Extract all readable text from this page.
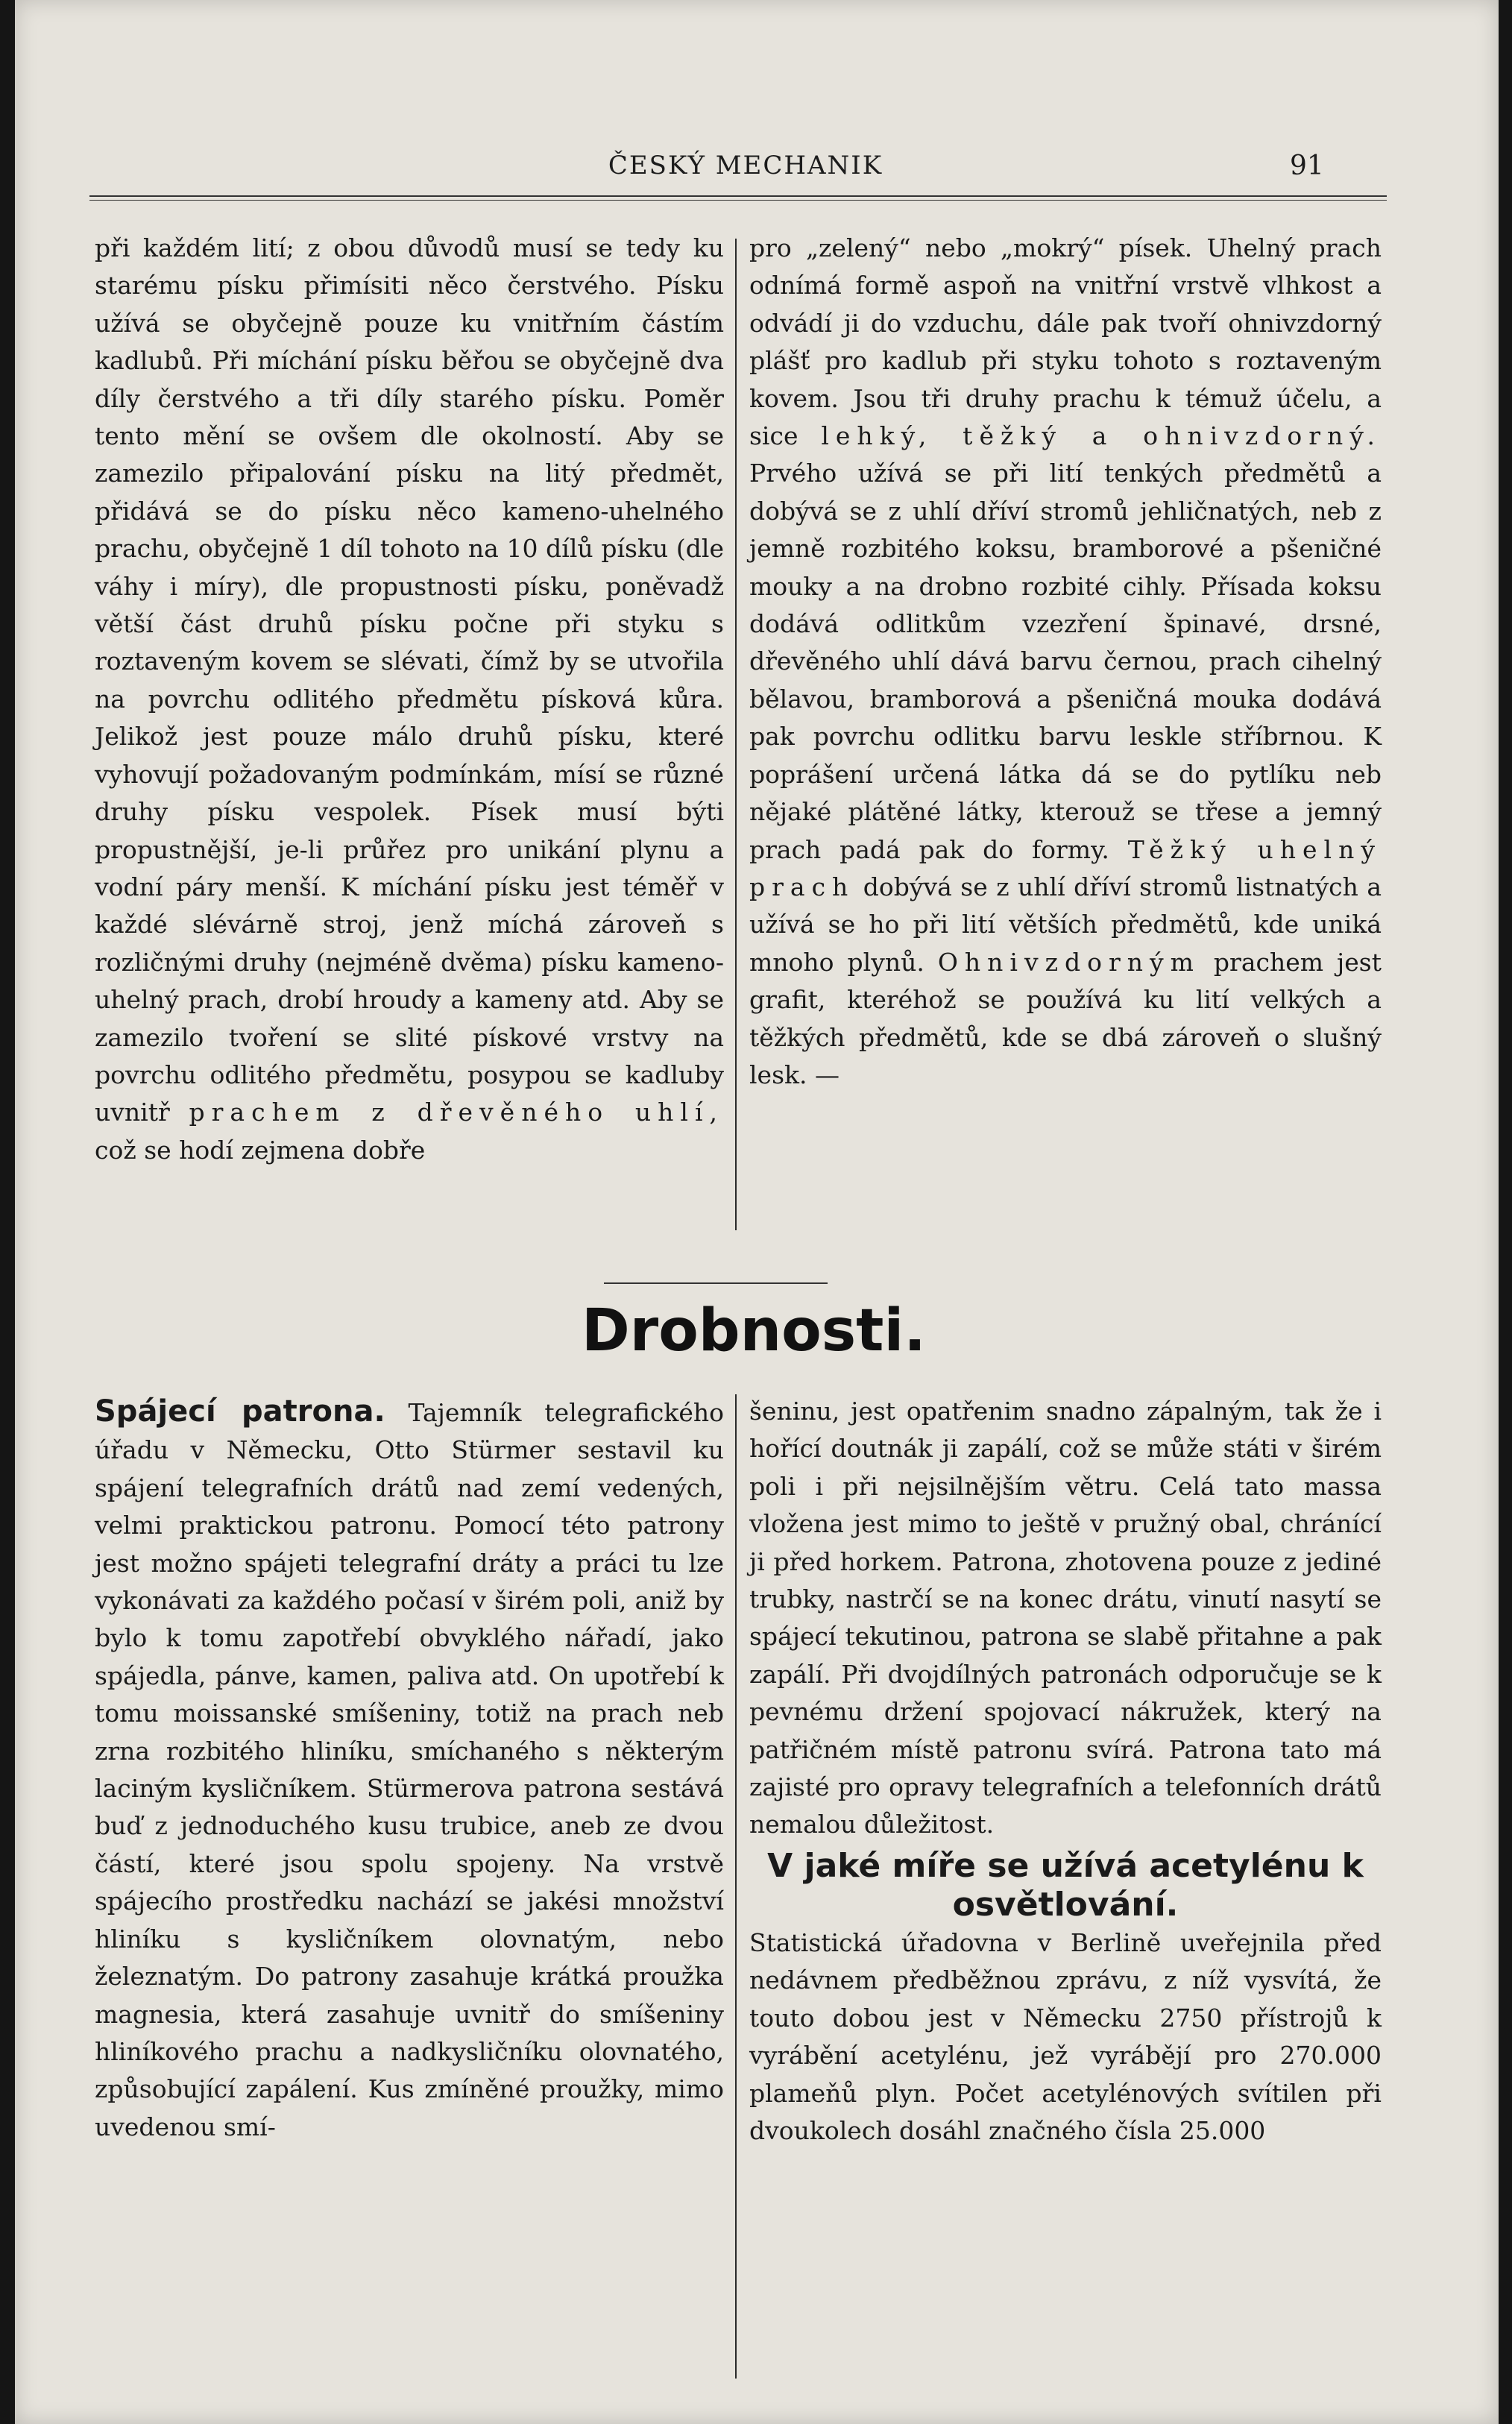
ČESKÝ MECHANIK	91
při každém lití; z obou důvodů musí se tedy ku starému písku přimísiti něco čerstvého. Písku užívá se obyčejně pouze ku vnitřním částím kadlubů. Při míchání písku běřou se obyčejně dva díly čerstvého a tři díly starého písku. Poměr tento mění se ovšem dle okolností. Aby se zamezilo připalování písku na litý předmět, přidává se do písku něco kameno-uhelného prachu, obyčejně 1 díl tohoto na 10 dílů písku (dle váhy i míry), dle propustnosti písku, poněvadž větší část druhů písku počne při styku s roztaveným kovem se slévati, čímž by se utvořila na povrchu odlitého předmětu písková kůra. Jelikož jest pouze málo druhů písku, které vyhovují požadovaným podmínkám, mísí se různé druhy písku vespolek. Písek musí býti propustnější, je-li průřez pro unikání plynu a vodní páry menší. K míchání písku jest téměř v každé slévárně stroj, jenž míchá zároveň s rozličnými druhy (nejméně dvěma) písku kameno-uhelný prach, drobí hroudy a kameny atd. Aby se zamezilo tvoření se slité pískové vrstvy na povrchu odlitého předmětu, posypou se kadluby uvnitř prachem z dřevěného uhlí, což se hodí zejmena dobře
pro „zelený“ nebo „mokrý“ písek. Uhelný prach odnímá formě aspoň na vnitřní vrstvě vlhkost a odvádí ji do vzduchu, dále pak tvoří ohnivzdorný plášť pro kadlub při styku tohoto s roztaveným kovem. Jsou tři druhy prachu k témuž účelu, a sice lehký, těžký a ohnivzdorný. Prvého užívá se při lití tenkých předmětů a dobývá se z uhlí dříví stromů jehličnatých, neb z jemně rozbitého koksu, bramborové a pšeničné mouky a na drobno rozbité cihly. Přísada koksu dodává odlitkům vzezření špinavé, drsné, dřevěného uhlí dává barvu černou, prach cihelný bělavou, bramborová a pšeničná mouka dodává pak povrchu odlitku barvu leskle stříbrnou. K poprášení určená látka dá se do pytlíku neb nějaké plátěné látky, kterouž se třese a jemný prach padá pak do formy. Těžký uhelný prach dobývá se z uhlí dříví stromů listnatých a užívá se ho při lití větších předmětů, kde uniká mnoho plynů. Ohnivzdorným prachem jest grafit, kteréhož se používá ku lití velkých a těžkých předmětů, kde se dbá zároveň o slušný lesk. —
Drobnosti.
Spájecí patrona. Tajemník telegrafického úřadu v Německu, Otto Stürmer sestavil ku spájení telegrafních drátů nad zemí vedených, velmi praktickou patronu. Pomocí této patrony jest možno spájeti telegrafní dráty a práci tu lze vykonávati za každého počasí v širém poli, aniž by bylo k tomu zapotřebí obvyklého nářadí, jako spájedla, pánve, kamen, paliva atd. On upotřebí k tomu moissanské smíšeniny, totiž na prach neb zrna rozbitého hliníku, smíchaného s některým laciným kysličníkem. Stürmerova patrona sestává buď z jednoduchého kusu trubice, aneb ze dvou částí, které jsou spolu spojeny. Na vrstvě spájecího prostředku nachází se jakési množství hliníku s kysličníkem olovnatým, nebo železnatým. Do patrony zasahuje krátká proužka magnesia, která zasahuje uvnitř do smíšeniny hliníkového prachu a nadkysličníku olovnatého, způsobující zapálení. Kus zmíněné proužky, mimo uvedenou smí-
šeninu, jest opatřenim snadno zápalným, tak že i hořící doutnák ji zapálí, což se může státi v širém poli i při nejsilnějším větru. Celá tato massa vložena jest mimo to ještě v pružný obal, chránící ji před horkem. Patrona, zhotovena pouze z jediné trubky, nastrčí se na konec drátu, vinutí nasytí se spájecí tekutinou, patrona se slabě přitahne a pak zapálí. Při dvojdílných patronách odporučuje se k pevnému držení spojovací nákružek, který na patřičném místě patronu svírá. Patrona tato má zajisté pro opravy telegrafních a telefonních drátů nemalou důležitost.
V jaké míře se užívá acetylénu k osvětlování.
Statistická úřadovna v Berlině uveřejnila před nedávnem předběžnou zprávu, z níž vysvítá, že touto dobou jest v Německu 2750 přístrojů k vyrábění acetylénu, jež vyrábějí pro 270.000 plameňů plyn. Počet acetylénových svítilen při dvoukolech dosáhl značného čísla 25.000
